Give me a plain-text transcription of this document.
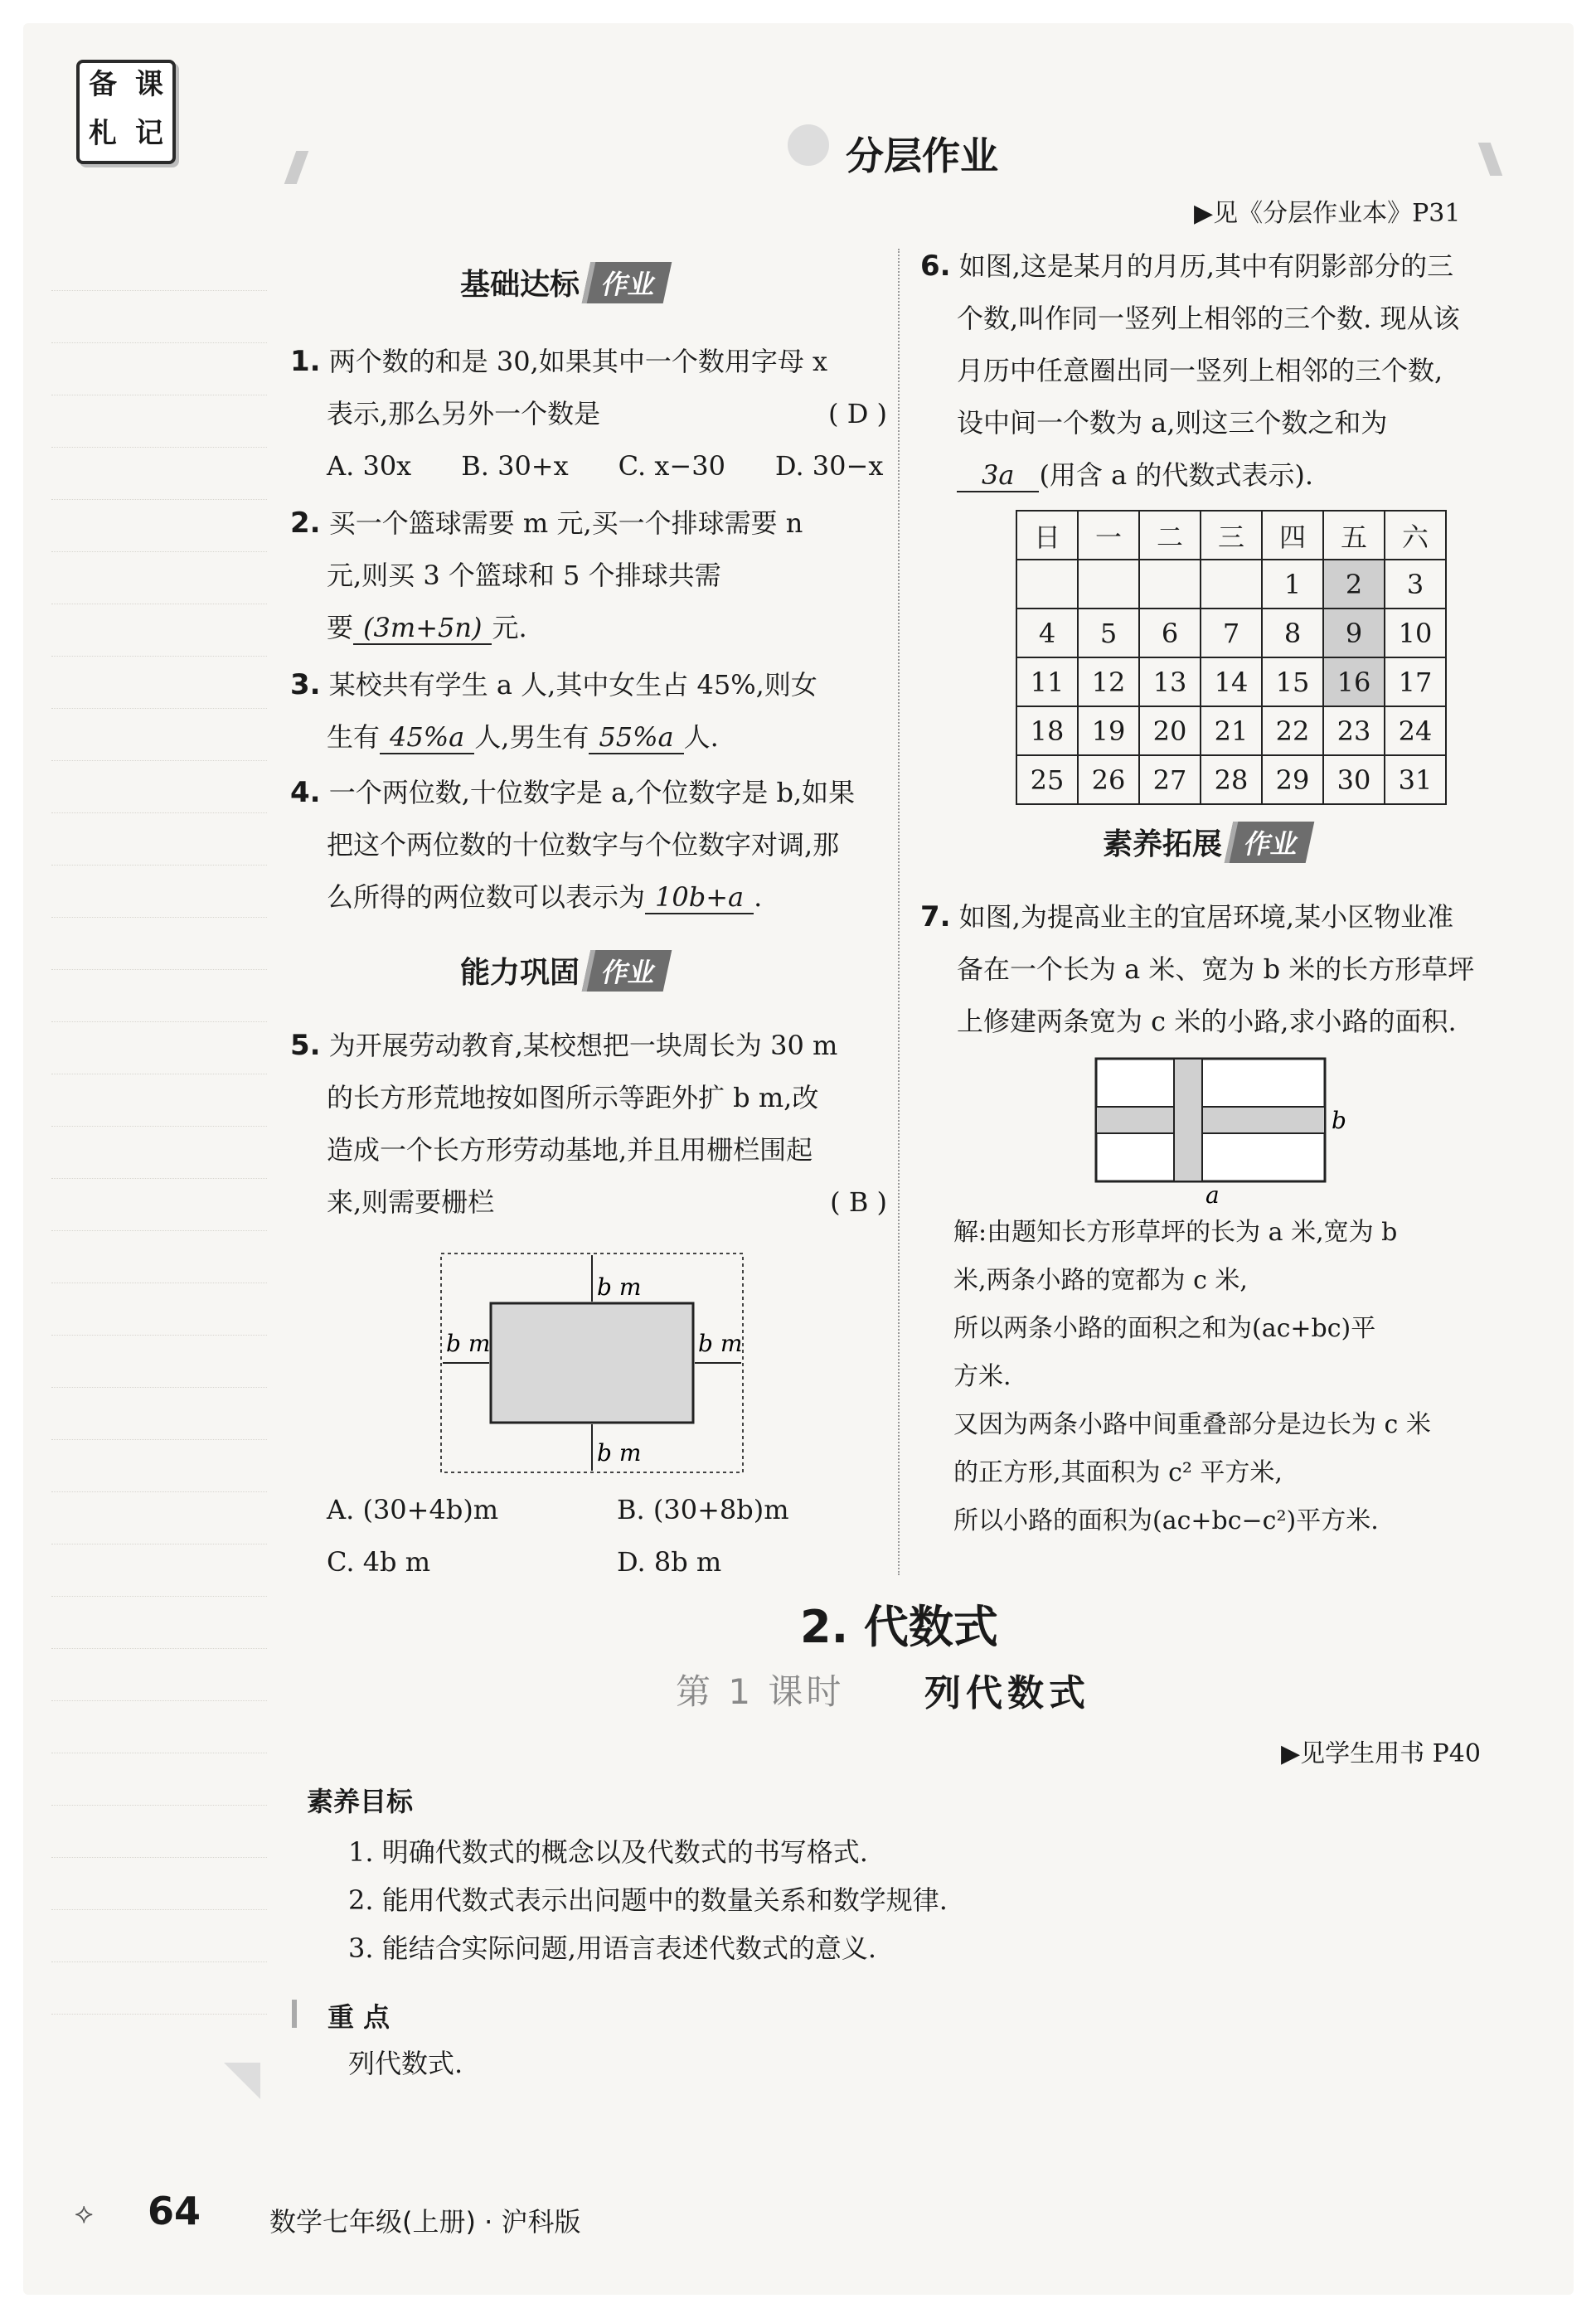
备 课
札 记	分层作业
▶见《分层作业本》P31
基础达标 作业
1. 两个数的和是 30,如果其中一个数用字母 x
表示,那么另外一个数是	( D )
A. 30x B. 30+x C. x−30 D. 30−x
2. 买一个篮球需要 m 元,买一个排球需要 n
元,则买 3 个篮球和 5 个排球共需
要 (3m+5n) 元.
3. 某校共有学生 a 人,其中女生占 45%,则女
生有 45%a 人,男生有 55%a 人.
4. 一个两位数,十位数字是 a,个位数字是 b,如果
把这个两位数的十位数字与个位数字对调,那
么所得的两位数可以表示为 10b+a .
能力巩固 作业
5. 为开展劳动教育,某校想把一块周长为 30 m
的长方形荒地按如图所示等距外扩 b m,改
造成一个长方形劳动基地,并且用栅栏围起
来,则需要栅栏	( B )
b m
b m
b m	b m
A. (30+4b)m	B. (30+8b)m
C. 4b m	D. 8b m
6. 如图,这是某月的月历,其中有阴影部分的三
个数,叫作同一竖列上相邻的三个数. 现从该
月历中任意圈出同一竖列上相邻的三个数,
设中间一个数为 a,则这三个数之和为
3a (用含 a 的代数式表示).
日	一	二	三	四	五	六
				1	2	3
4	5	6	7	8	9	10
11	12	13	14	15	16	17
18	19	20	21	22	23	24
25	26	27	28	29	30	31
素养拓展 作业
7. 如图,为提高业主的宜居环境,某小区物业准
备在一个长为 a 米、宽为 b 米的长方形草坪
上修建两条宽为 c 米的小路,求小路的面积.
b
a
解:由题知长方形草坪的长为 a 米,宽为 b
米,两条小路的宽都为 c 米,
所以两条小路的面积之和为(ac+bc)平
方米.
又因为两条小路中间重叠部分是边长为 c 米
的正方形,其面积为 c² 平方米,
所以小路的面积为(ac+bc−c²)平方米.
2. 代数式
第 1 课时 列代数式
▶见学生用书 P40
素养目标
1. 明确代数式的概念以及代数式的书写格式.
2. 能用代数式表示出问题中的数量关系和数学规律.
3. 能结合实际问题,用语言表述代数式的意义.
重 点
列代数式.
⟡ 64	数学七年级(上册) · 沪科版
